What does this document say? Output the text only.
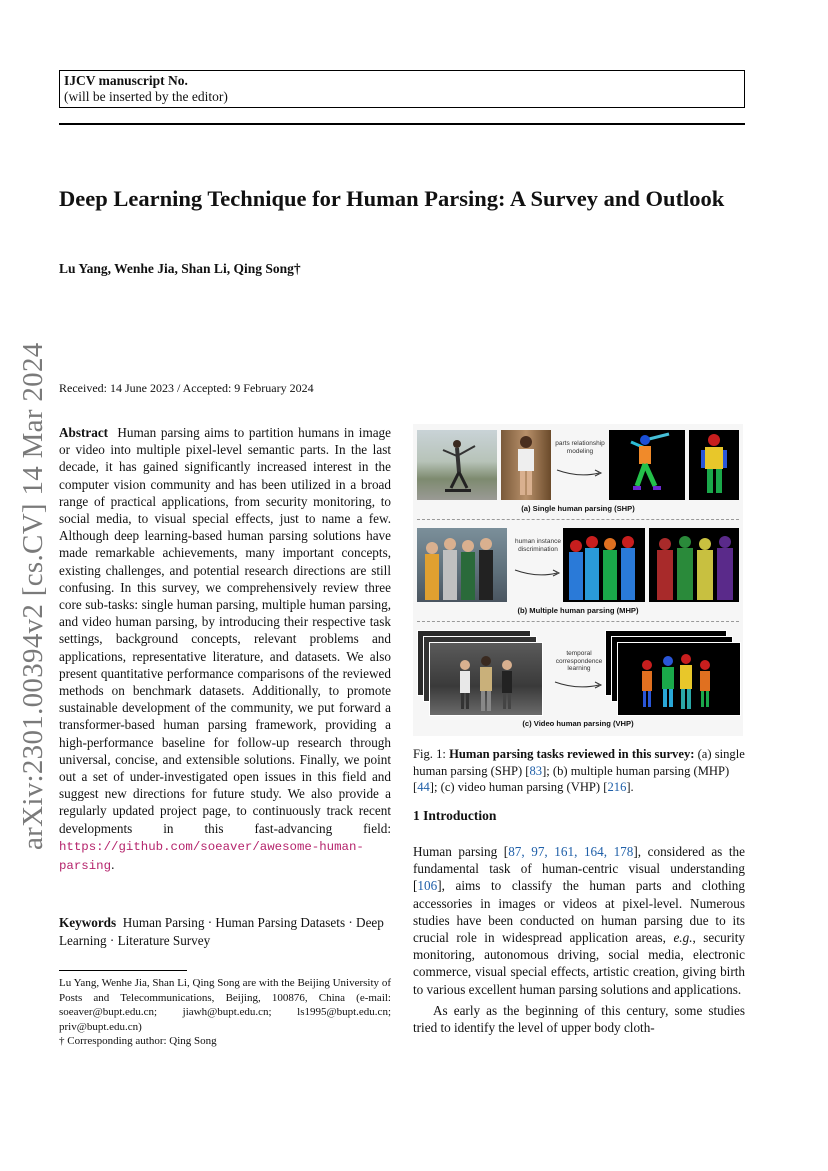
IJCV manuscript No.
(will be inserted by the editor)
Deep Learning Technique for Human Parsing: A Survey and Outlook
Lu Yang, Wenhe Jia, Shan Li, Qing Song†
arXiv:2301.00394v2 [cs.CV] 14 Mar 2024 Received: 14 June 2023 / Accepted: 9 February 2024
Abstract Human parsing aims to partition humans in image or video into multiple pixel-level semantic parts. In the last decade, it has gained significantly increased interest in the computer vision community and has been utilized in a broad range of practical applications, from security monitoring, to social media, to visual special effects, just to name a few. Although deep learning-based human parsing solutions have made remarkable achievements, many important concepts, existing challenges, and potential research directions are still confusing. In this survey, we comprehensively review three core sub-tasks: single human parsing, multiple human parsing, and video human parsing, by introducing their respective task settings, background concepts, relevant problems and applications, representative literature, and datasets. We also present quantitative performance comparisons of the reviewed methods on benchmark datasets. Additionally, to promote sustainable development of the community, we put forward a transformer-based human parsing framework, providing a high-performance baseline for follow-up research through universal, concise, and extensible solutions. Finally, we point out a set of under-investigated open issues in this field and suggest new directions for future study. We also provide a regularly updated project page, to continuously track recent developments in this fast-advancing field: https://github.com/soeaver/awesome-human-parsing.
Keywords Human Parsing · Human Parsing Datasets · Deep Learning · Literature Survey
Lu Yang, Wenhe Jia, Shan Li, Qing Song are with the Beijing University of Posts and Telecommunications, Beijing, 100876, China (e-mail: soeaver@bupt.edu.cn; jiawh@bupt.edu.cn; ls1995@bupt.edu.cn; priv@bupt.edu.cn)
† Corresponding author: Qing Song
parts relationship modeling
(a) Single human parsing (SHP)
human instance discrimination
(b) Multiple human parsing (MHP)
temporal correspondence learning
(c) Video human parsing (VHP)
Fig. 1: Human parsing tasks reviewed in this survey: (a) single human parsing (SHP) [83]; (b) multiple human parsing (MHP) [44]; (c) video human parsing (VHP) [216].
1 Introduction

Human parsing [87, 97, 161, 164, 178], considered as the fundamental task of human-centric visual understanding [106], aims to classify the human parts and clothing accessories in images or videos at pixel-level. Numerous studies have been conducted on human parsing due to its crucial role in widespread application areas, e.g., security monitoring, autonomous driving, social media, electronic commerce, visual special effects, artistic creation, giving birth to various excellent human parsing solutions and applications.

As early as the beginning of this century, some studies tried to identify the level of upper body cloth-
